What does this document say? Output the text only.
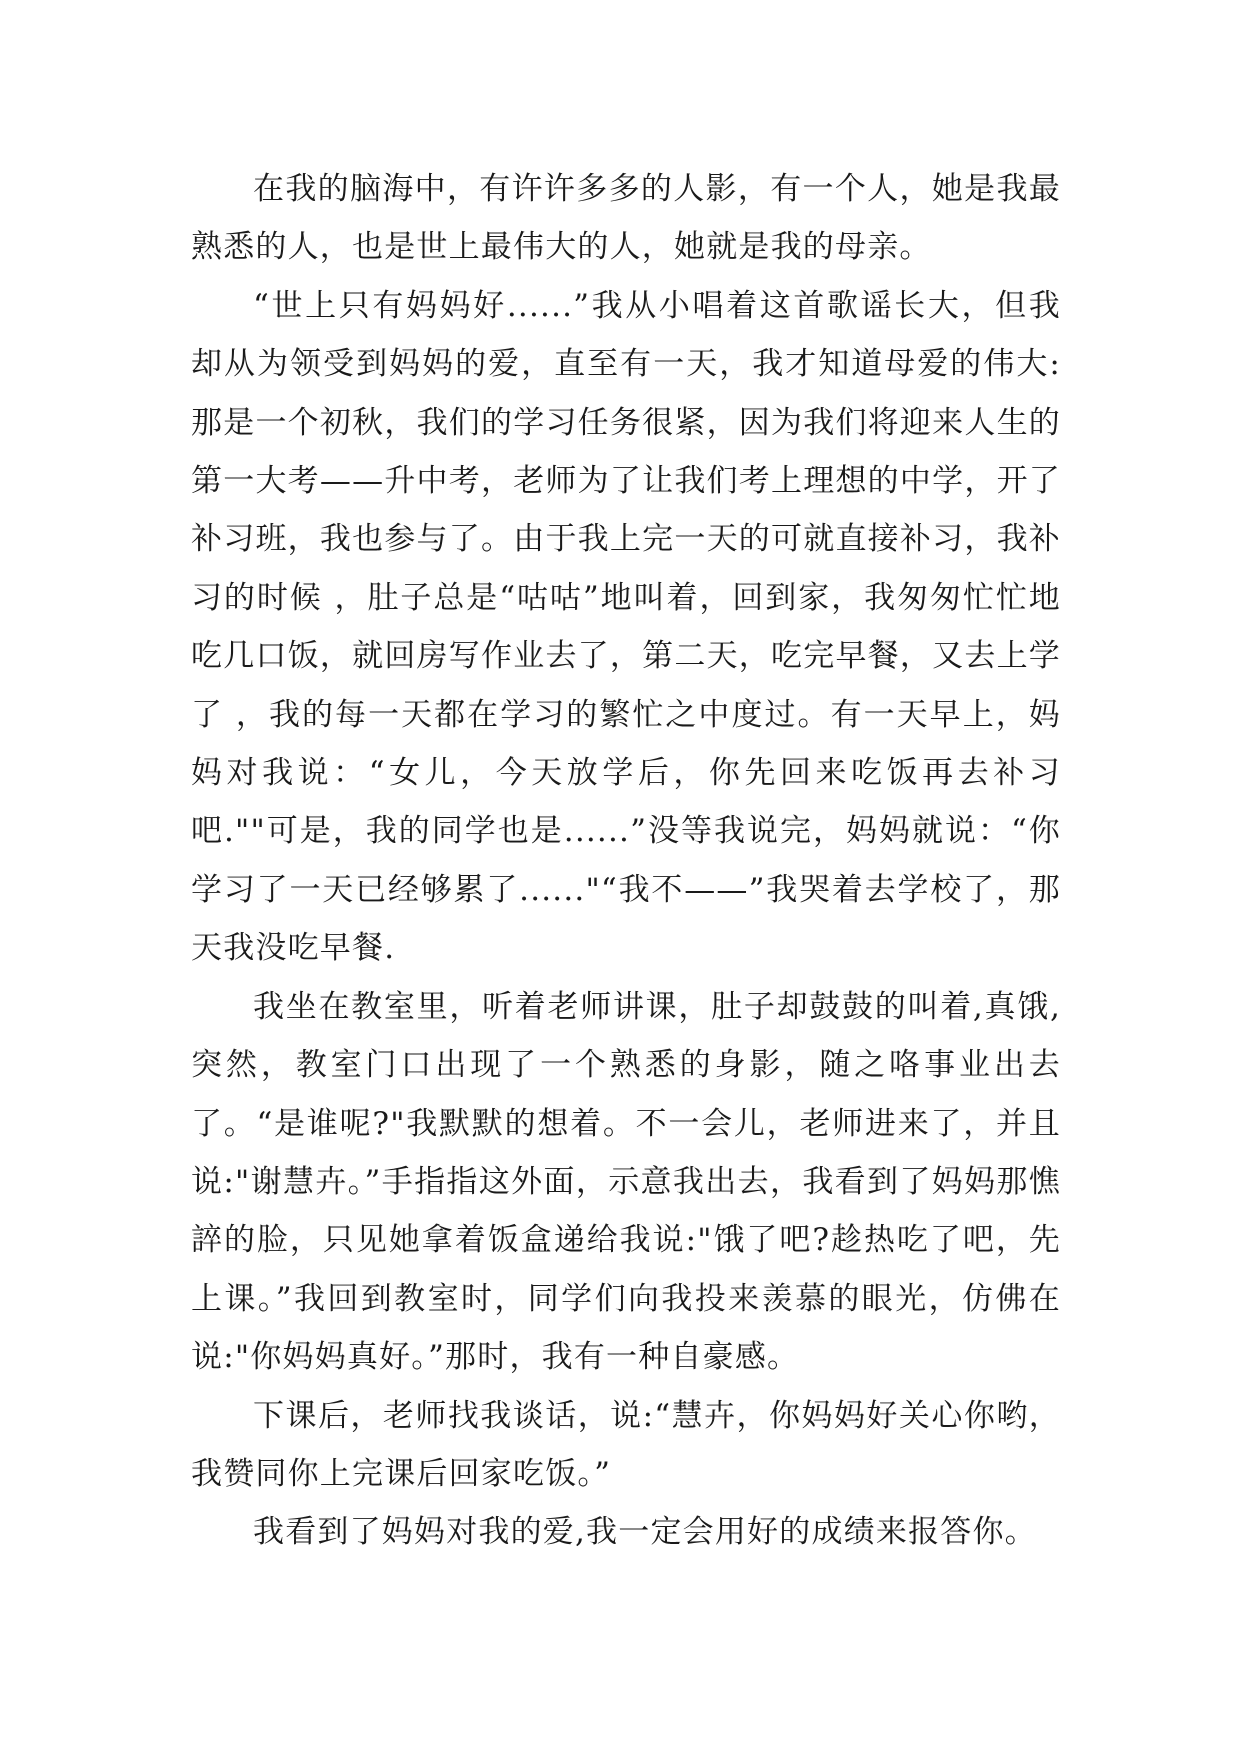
在我的脑海中，有许许多多的人影，有一个人，她是我最熟悉的人，也是世上最伟大的人，她就是我的母亲。

“世上只有妈妈好......”我从小唱着这首歌谣长大，但我却从为领受到妈妈的爱，直至有一天，我才知道母爱的伟大:那是一个初秋，我们的学习任务很紧，因为我们将迎来人生的第一大考——升中考，老师为了让我们考上理想的中学，开了补习班，我也参与了。由于我上完一天的可就直接补习，我补习的时候 ，肚子总是“咕咕”地叫着，回到家，我匆匆忙忙地吃几口饭，就回房写作业去了，第二天，吃完早餐，又去上学了 ，我的每一天都在学习的繁忙之中度过。有一天早上，妈妈对我说：“女儿，今天放学后，你先回来吃饭再去补习吧.""可是，我的同学也是......”没等我说完，妈妈就说：“你学习了一天已经够累了......"“我不——”我哭着去学校了，那天我没吃早餐.

我坐在教室里，听着老师讲课，肚子却鼓鼓的叫着,真饿,突然，教室门口出现了一个熟悉的身影，随之咯事业出去了。“是谁呢?"我默默的想着。不一会儿，老师进来了，并且说:"谢慧卉。”手指指这外面，示意我出去，我看到了妈妈那憔誶的脸，只见她拿着饭盒递给我说:"饿了吧?趁热吃了吧，先上课。”我回到教室时，同学们向我投来羡慕的眼光，仿佛在说:"你妈妈真好。”那时，我有一种自豪感。

下课后，老师找我谈话，说:“慧卉，你妈妈好关心你哟，我赞同你上完课后回家吃饭。”

我看到了妈妈对我的爱,我一定会用好的成绩来报答你。
